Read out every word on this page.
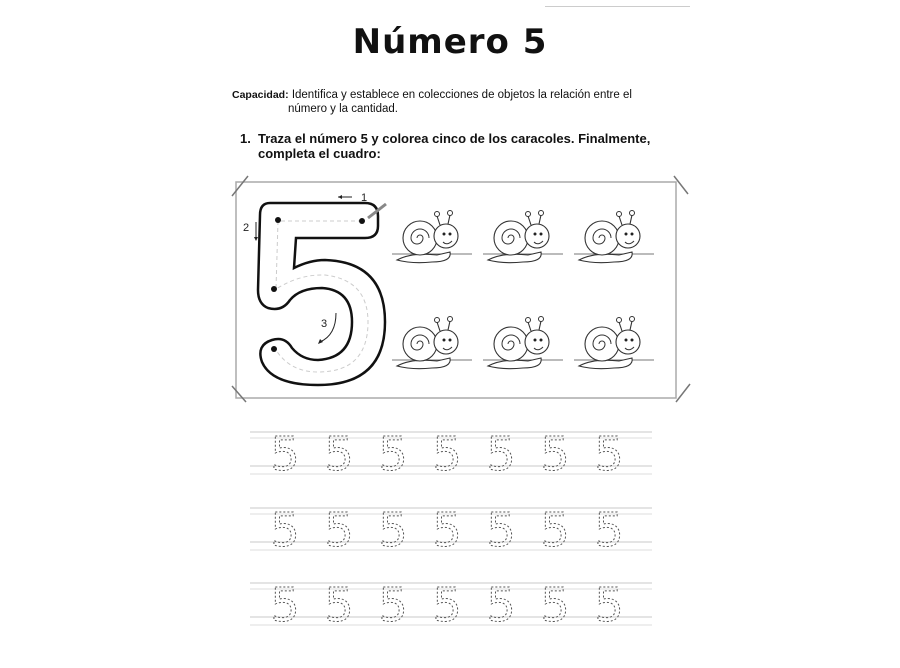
Número 5
Capacidad: Identifica y establece en colecciones de objetos la relación entre el
número y la cantidad.
1. Traza el número 5 y colorea cinco de los caracoles. Finalmente,
completa el cuadro:
1
2
3
5 5 5 5 5 5 5
5 5 5 5 5 5 5
5 5 5 5 5 5 5
